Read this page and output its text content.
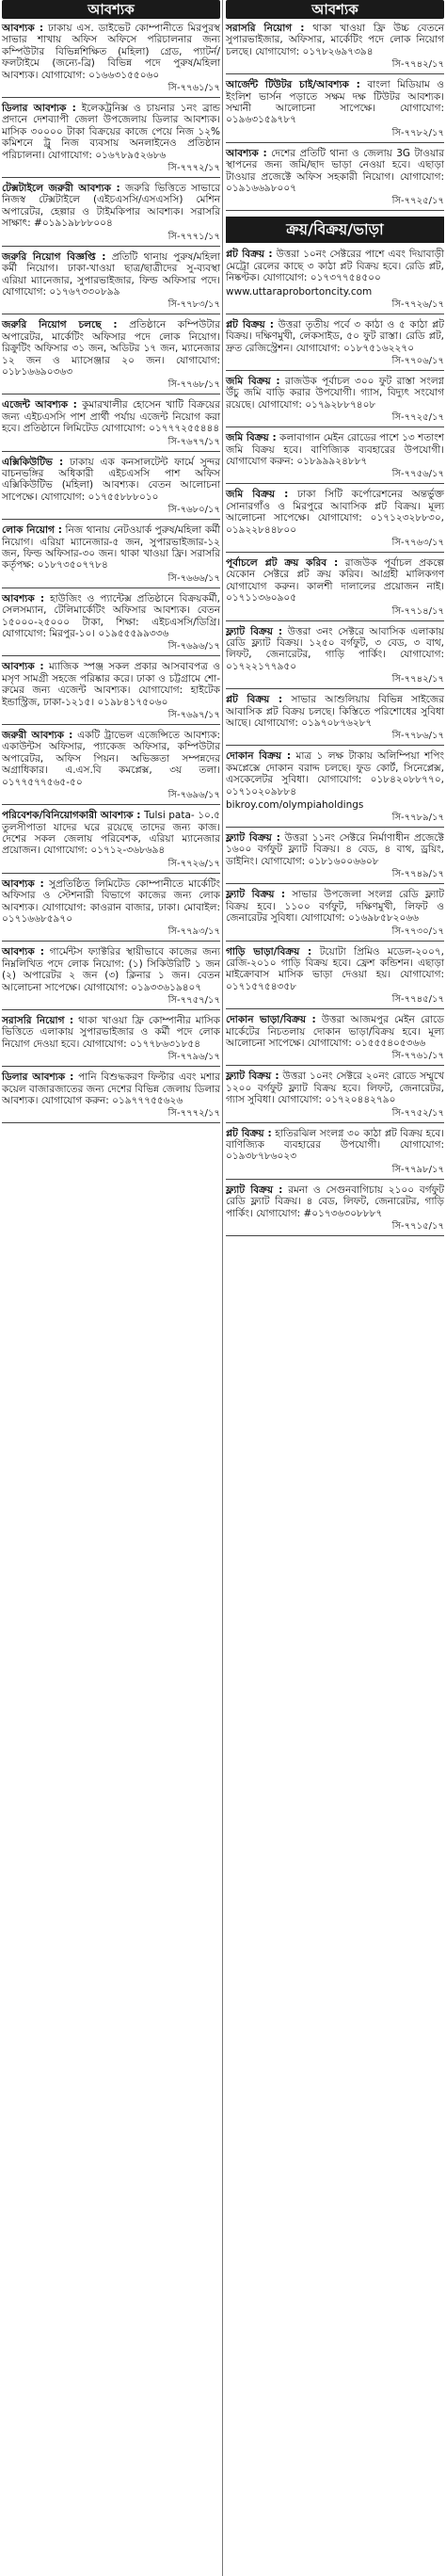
আবশ্যক

আবশ্যক : ঢাকায় এস. ডাইভেট কোম্পানীতে মিরপুরস্থ সাভার শাখায় অফিস অফিসে পরিচালনার জন্য কম্পিউটার বিভিন্নশিক্ষিত (মহিলা) গ্রেড, প্যাটর্ন/ফলটাইমে (জন্যে-ব্রি) বিভিন্ন পদে পুরুষ/মহিলা আবশ্যক। যোগাযোগ: ০১৬৬৩১৫৫০৬০

সি-৭৭৬১/১৭

ডিলার আবশ্যক : ইলেকট্রনিক্স ও চায়নার ১নং ব্রান্ড প্রদানে দেশব্যাপী জেলা উপজেলায় ডিলার আবশ্যক। মাসিক ৩০০০০ টাকা বিক্রয়ের কাজে পেয়ে নিজ ১২% কমিশনে ট্রু নিজ ব্যবসায় অনলাইনেও প্রতিষ্ঠান পরিচালনা। যোগাযোগ: ০১৬৭৮৯৫২৬৮৬

সি-৭৭৭২/১৭

টেক্সটাইলে জরুরী আবশ্যক : জরুরি ভিত্তিতে সাভারে নিজস্ব টেক্সটাইলে (এইচএসসি/এসএসসি) মেশিন অপারেটর, হেল্পার ও টাইমকিপার আবশ্যক। সরাসরি সাক্ষাৎ: #০১৯১৯৮৮৮০০৪

সি-৭৭৭১/১৭

জরুরি নিয়োগ বিজ্ঞপ্তি : প্রতিটি থানায় পুরুষ/মহিলা কর্মী নিয়োগ। ঢাকা-খাওয়া ছাত্র/ছাত্রীদের সু-ব্যবস্থা এরিয়া ম্যানেজার, সুপারভাইজার, ফিল্ড অফিসার পদে। যোগাযোগ: ০১৭৬৭৩৩০৮৯৯

সি-৭৭৮৩/১৭

জরুরি নিয়োগ চলছে : প্রতিষ্ঠানে কম্পিউটার অপারেটর, মার্কেটিং অফিসার পদে লোক নিয়োগ। রিক্রুটিং অফিসার ৩১ জন, অডিটর ১৭ জন, ম্যানেজার ১২ জন ও ম্যাসেঞ্জার ২০ জন। যোগাযোগ: ০১৮১৬৬৯০৩৬৩

সি-৭৭৬৮/১৭

এজেন্ট আবশ্যক : কুমারখালীর হোসেন খাটি বিক্রয়ের জন্য এইচএসসি পাশ প্রার্থী পর্যায় এজেন্ট নিয়োগ করা হবে। প্রতিষ্ঠানে লিমিটেড যোগাযোগ: ০১৭৭৭২৫৫৪৪৪

সি-৭৬৭৭/১৭

এক্সিকিউটিভ : ঢাকায় এক কনসালটেন্ট ফার্মে সুন্দর বাচনভঙ্গির অধিকারী এইচএসসি পাশ অফিস এক্সিকিউটিভ (মহিলা) আবশ্যক। বেতন আলোচনা সাপেক্ষে। যোগাযোগ: ০১৭৫৫৮৮৮০১০

সি-৭৬৮০/১৭

লোক নিয়োগ : নিজ থানায় নেটওয়ার্ক পুরুষ/মহিলা কর্মী নিয়োগ। এরিয়া ম্যানেজার-৫ জন, সুপারভাইজার-১২ জন, ফিল্ড অফিসার-৩০ জন। থাকা খাওয়া ফ্রি। সরাসরি কর্তৃপক্ষ: ০১৮৭৩৫০৭৭৮৪

সি-৭৬৬৬/১৭

আবশ্যক : হাউজিং ও প্যান্টেক্স প্রতিষ্ঠানে বিক্রয়কর্মী, সেলসম্যান, টেলিমার্কেটিং অফিসার আবশ্যক। বেতন ১৫০০০-২৫০০০ টাকা, শিক্ষা: এইচএসসি/ডিগ্রি। যোগাযোগ: মিরপুর-১০। ০১৯৫৫৫৯৯৩৩৬

সি-৭৬৯৬/১৭

আবশ্যক : ম্যাজিক স্পঞ্জ সকল প্রকার আসবাবপত্র ও মসৃণ সামগ্রী সহজে পরিষ্কার করে। ঢাকা ও চট্টগ্রামে শো-রুমের জন্য এজেন্ট আবশ্যক। যোগাযোগ: হাইটেক ইন্ডাস্ট্রিজ, ঢাকা-১২১৫। ০১৯৮৪১৭৫০৬০

সি-৭৬৯৭/১৭

জরুরী আবশ্যক : একটি ট্রাভেল এজেন্সিতে আবশ্যক: একাউন্টস অফিসার, প্যাকেজ অফিসার, কম্পিউটার অপারেটর, অফিস পিয়ন। অভিজ্ঞতা সম্পন্নদের অগ্রাধিকার। এ.এস.বি কমপ্লেক্স, ৩য় তলা। ০১৭৭৫৭৭৫৬৫-৫০

সি-৭৬৯৬/১৭

পরিবেশক/বিনিয়োগকারী আবশ্যক : Tulsi pata- ১০.৫ তুলসীপাতা যাদের ঘরে রয়েছে তাদের জন্য কাজ। দেশের সকল জেলায় পরিবেশক, এরিয়া ম্যানেজার প্রয়োজন। যোগাযোগ: ০১৭১২-৩৬৮৬৯৪

সি-৭৭২৬/১৭

আবশ্যক : সুপ্রতিষ্ঠিত লিমিটেড কোম্পানীতে মার্কেটিং অফিসার ও স্টেশনারী বিভাগে কাজের জন্য লোক আবশ্যক। যোগাযোগ: কাওরান বাজার, ঢাকা। মোবাইল: ০১৭১৬৬৮৫৯৭০

সি-৭৭৯৩/১৭

আবশ্যক : গার্মেন্টস ফ্যাক্টরির স্থায়ীভাবে কাজের জন্য নিম্নলিখিত পদে লোক নিয়োগ: (১) সিকিউরিটি ১ জন (২) অপারেটর ২ জন (৩) ক্লিনার ১ জন। বেতন আলোচনা সাপেক্ষে। যোগাযোগ: ০১৯৩৩৬১৯৪০৭

সি-৭৭৫৭/১৭

সরাসরি নিয়োগ : থাকা খাওয়া ফ্রি কোম্পানীর মাসিক ভিত্তিতে এলাকায় সুপারভাইজার ও কর্মী পদে লোক নিয়োগ দেওয়া হবে। যোগাযোগ: ০১৭৭৮৬৩১৮৫৪

সি-৭৭৯৬/১৭

ডিলার আবশ্যক : পানি বিশুদ্ধকরণ ফিল্টার এবং মশার কয়েল বাজারজাতের জন্য দেশের বিভিন্ন জেলায় ডিলার আবশ্যক। যোগাযোগ করুন: ০১৯৭৭৭৫৫৬২৬

সি-৭৭৭২/১৭
আবশ্যক

সরাসরি নিয়োগ : থাকা খাওয়া ফ্রি উচ্চ বেতনে সুপারভাইজার, অফিসার, মার্কেটিং পদে লোক নিয়োগ চলছে। যোগাযোগ: ০১৭৮২৬৯৭৩৯৪

সি-৭৭৪২/১৭

আর্জেন্ট টিউটর চাই/আবশ্যক : বাংলা মিডিয়াম ও ইংলিশ ভার্সন পড়াতে সক্ষম দক্ষ টিউটর আবশ্যক। সম্মানী আলোচনা সাপেক্ষে। যোগাযোগ: ০১৯৬৩১৫৯৭৮৭

সি-৭৭৮২/১৭

আবশ্যক : দেশের প্রতিটি থানা ও জেলায় 3G টাওয়ার স্থাপনের জন্য জমি/ছাদ ভাড়া নেওয়া হবে। এছাড়া টাওয়ার প্রজেক্টে অফিস সহকারী নিয়োগ। যোগাযোগ: ০১৯১৬৬৯৮০০৭

সি-৭৭২৫/১৭
ক্রয়/বিক্রয়/ভাড়া

প্লট বিক্রয় : উত্তরা ১০নং সেক্টরের পাশে এবং দিয়াবাড়ী মেট্রো রেলের কাছে ৩ কাঠা প্লট বিক্রয় হবে। রেডি প্লট, নিষ্কণ্টক। যোগাযোগ: ০১৭৩৭৭৫৪৫০০

www.uttaraprobortoncity.com
সি-৭৭২৬/১৭

প্লট বিক্রয় : উত্তরা তৃতীয় পর্বে ৩ কাঠা ও ৫ কাঠা প্লট বিক্রয়। দক্ষিণমুখী, লেকসাইড, ৫০ ফুট রাস্তা। রেডি প্লট, দ্রুত রেজিস্ট্রেশন। যোগাযোগ: ০১৮৭৫১৬২২৭০

সি-৭৭০৬/১৭

জমি বিক্রয় : রাজউক পূর্বাচল ৩০০ ফুট রাস্তা সংলগ্ন উঁচু জমি বাড়ি করার উপযোগী। গ্যাস, বিদ্যুৎ সংযোগ রয়েছে। যোগাযোগ: ০১৭৯২৮৮৭৪০৮

সি-৭৭২৫/১৭

জমি বিক্রয় : কলাবাগান মেইন রোডের পাশে ১৩ শতাংশ জমি বিক্রয় হবে। বাণিজ্যিক ব্যবহারের উপযোগী। যোগাযোগ করুন: ০১৮৯৯৯২৪৮৮৭

সি-৭৭৫৬/১৭

জমি বিক্রয় : ঢাকা সিটি কর্পোরেশনের অন্তর্ভুক্ত সোনারগাঁও ও মিরপুরে আবাসিক প্লট বিক্রয়। মূল্য আলোচনা সাপেক্ষে। যোগাযোগ: ০১৭১২৩২৮৮৩০, ০১৯২২৮৪৪৮০০

সি-৭৭৬৩/১৭

পূর্বাচলে প্লট ক্রয় করিব : রাজউক পূর্বাচল প্রকল্পে যেকোন সেক্টরে প্লট ক্রয় করিব। আগ্রহী মালিকগণ যোগাযোগ করুন। কালশী দালালের প্রয়োজন নাই। ০১৭১১৩৬০৯০৫

সি-৭৭১৪/১৭

ফ্ল্যাট বিক্রয় : উত্তরা ৩নং সেক্টরে আবাসিক এলাকায় রেডি ফ্ল্যাট বিক্রয়। ১২৫০ বর্গফুট, ৩ বেড, ৩ বাথ, লিফট, জেনারেটর, গাড়ি পার্কিং। যোগাযোগ: ০১৭২২১৭৭৯৫০

সি-৭৭৪২/১৭

প্লট বিক্রয় : সাভার আশুলিয়ায় বিভিন্ন সাইজের আবাসিক প্লট বিক্রয় চলছে। কিস্তিতে পরিশোধের সুবিধা আছে। যোগাযোগ: ০১৯৭০৮৭৬২৮৭

সি-৭৭৮৬/১৭

দোকান বিক্রয় : মাত্র ১ লক্ষ টাকায় অলিম্পিয়া শপিং কমপ্লেক্সে দোকান বরাদ্দ চলছে। ফুড কোর্ট, সিনেপ্লেক্স, এসকেলেটর সুবিধা। যোগাযোগ: ০১৮৪২০৮৮৭৭০, ০১৭১০২০৯৮৮৪

bikroy.com/olympiaholdings
সি-৭৭৮৯/১৭

ফ্ল্যাট বিক্রয় : উত্তরা ১১নং সেক্টরে নির্মাণাধীন প্রজেক্টে ১৬০০ বর্গফুট ফ্ল্যাট বিক্রয়। ৪ বেড, ৪ বাথ, ড্রয়িং, ডাইনিং। যোগাযোগ: ০১৮১৬০০৬৬০৮

সি-৭৭৪৯/১৭

ফ্ল্যাট বিক্রয় : সাভার উপজেলা সংলগ্ন রেডি ফ্ল্যাট বিক্রয় হবে। ১১০০ বর্গফুট, দক্ষিণমুখী, লিফট ও জেনারেটর সুবিধা। যোগাযোগ: ০১৬৯৮৫৮২০৬৬

সি-৭৭৩০/১৭

গাড়ি ভাড়া/বিক্রয় : টয়োটা প্রিমিও মডেল-২০০৭, রেজি-২০১০ গাড়ি বিক্রয় হবে। ফ্রেশ কন্ডিশন। এছাড়া মাইক্রোবাস মাসিক ভাড়া দেওয়া হয়। যোগাযোগ: ০১৭১৫৭৫৪৩৫৮

সি-৭৭৪৫/১৭

দোকান ভাড়া/বিক্রয় : উত্তরা আজমপুর মেইন রোডে মার্কেটের নিচতলায় দোকান ভাড়া/বিক্রয় হবে। মূল্য আলোচনা সাপেক্ষে। যোগাযোগ: ০১৫৫৫৪০৫৩৬৬

সি-৭৭৬১/১৭

ফ্ল্যাট বিক্রয় : উত্তরা ১০নং সেক্টরে ২০নং রোডে সম্মুখে ১২০০ বর্গফুট ফ্ল্যাট বিক্রয় হবে। লিফট, জেনারেটর, গ্যাস সুবিধা। যোগাযোগ: ০১৭২০৪৪২৭৯০

সি-৭৭৫২/১৭

প্লট বিক্রয় : হাতিরঝিল সংলগ্ন ৩০ কাঠা প্লট বিক্রয় হবে। বাণিজ্যিক ব্যবহারের উপযোগী। যোগাযোগ: ০১৯৩৮৭৮৬০২৩

সি-৭৭৯৮/১৭

ফ্ল্যাট বিক্রয় : রমনা ও সেগুনবাগিচায় ২১০০ বর্গফুট রেডি ফ্ল্যাট বিক্রয়। ৪ বেড, লিফট, জেনারেটর, গাড়ি পার্কিং। যোগাযোগ: #০১৭৩৬৩০৮৮৮৭

সি-৭৭১৫/১৭
